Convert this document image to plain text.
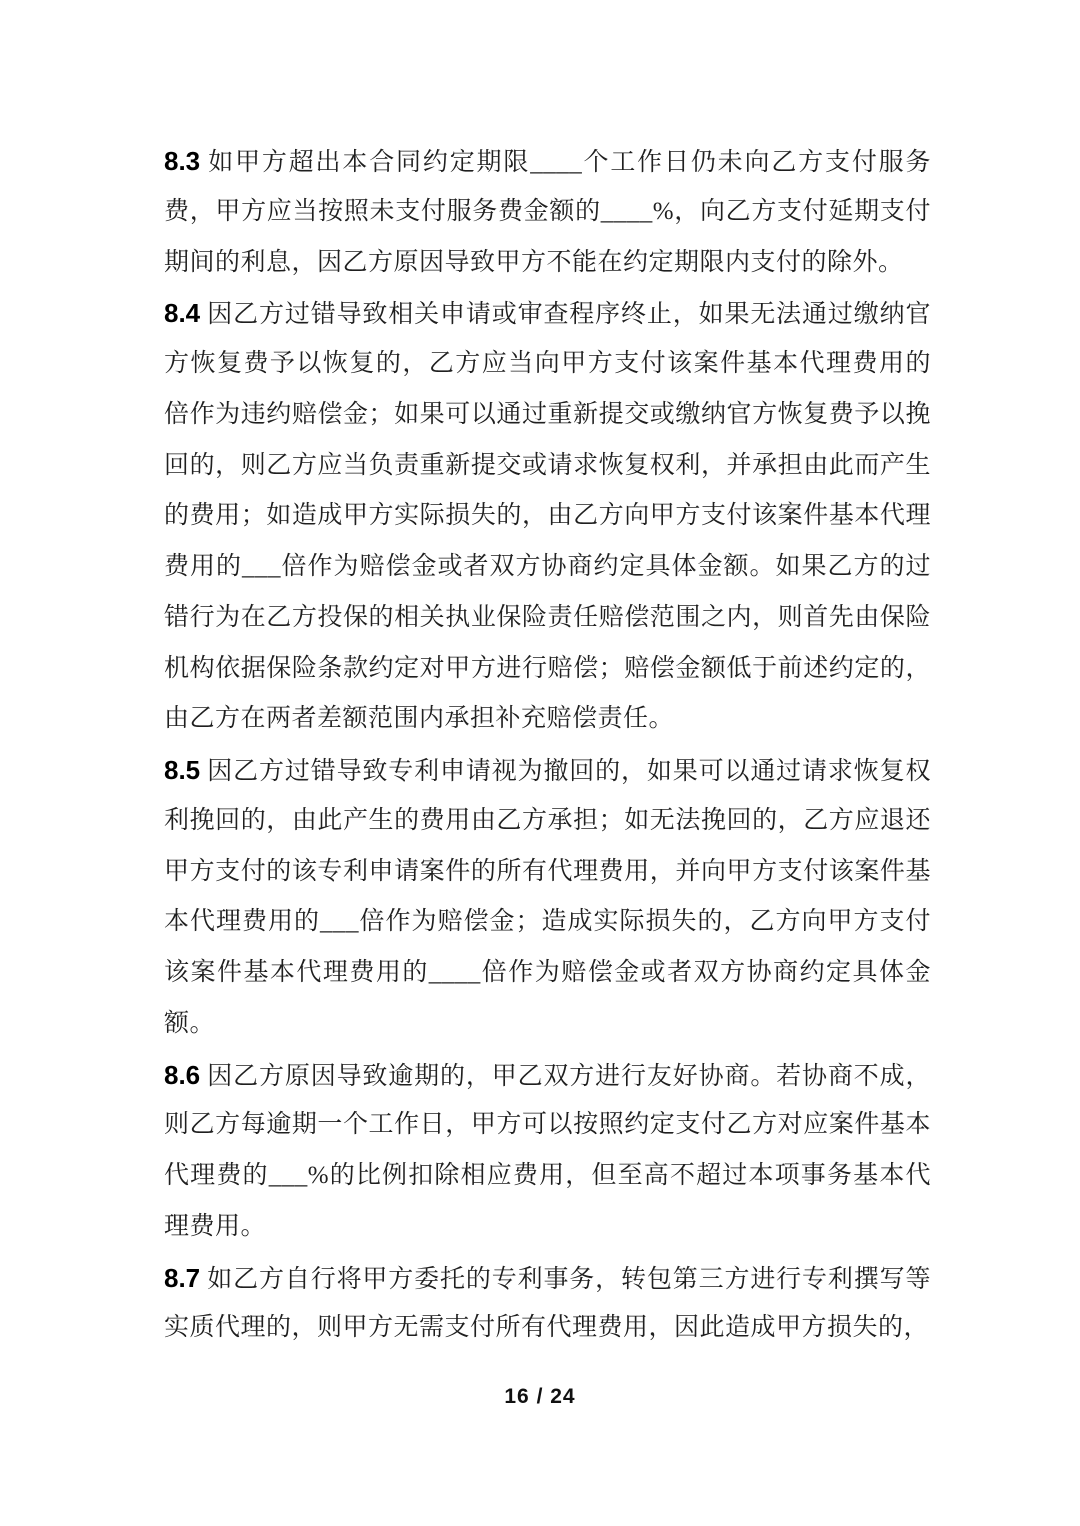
8.3 如甲方超出本合同约定期限____个工作日仍未向乙方支付服务
费，甲方应当按照未支付服务费金额的____%，向乙方支付延期支付
期间的利息，因乙方原因导致甲方不能在约定期限内支付的除外。
8.4 因乙方过错导致相关申请或审查程序终止，如果无法通过缴纳官
方恢复费予以恢复的，乙方应当向甲方支付该案件基本代理费用的
倍作为违约赔偿金；如果可以通过重新提交或缴纳官方恢复费予以挽
回的，则乙方应当负责重新提交或请求恢复权利，并承担由此而产生
的费用；如造成甲方实际损失的，由乙方向甲方支付该案件基本代理
费用的___倍作为赔偿金或者双方协商约定具体金额。如果乙方的过
错行为在乙方投保的相关执业保险责任赔偿范围之内，则首先由保险
机构依据保险条款约定对甲方进行赔偿；赔偿金额低于前述约定的，
由乙方在两者差额范围内承担补充赔偿责任。
8.5 因乙方过错导致专利申请视为撤回的，如果可以通过请求恢复权
利挽回的，由此产生的费用由乙方承担；如无法挽回的，乙方应退还
甲方支付的该专利申请案件的所有代理费用，并向甲方支付该案件基
本代理费用的___倍作为赔偿金；造成实际损失的，乙方向甲方支付
该案件基本代理费用的____倍作为赔偿金或者双方协商约定具体金
额。
8.6 因乙方原因导致逾期的，甲乙双方进行友好协商。若协商不成，
则乙方每逾期一个工作日，甲方可以按照约定支付乙方对应案件基本
代理费的___%的比例扣除相应费用，但至高不超过本项事务基本代
理费用。
8.7 如乙方自行将甲方委托的专利事务，转包第三方进行专利撰写等
实质代理的，则甲方无需支付所有代理费用，因此造成甲方损失的，
16 / 24
